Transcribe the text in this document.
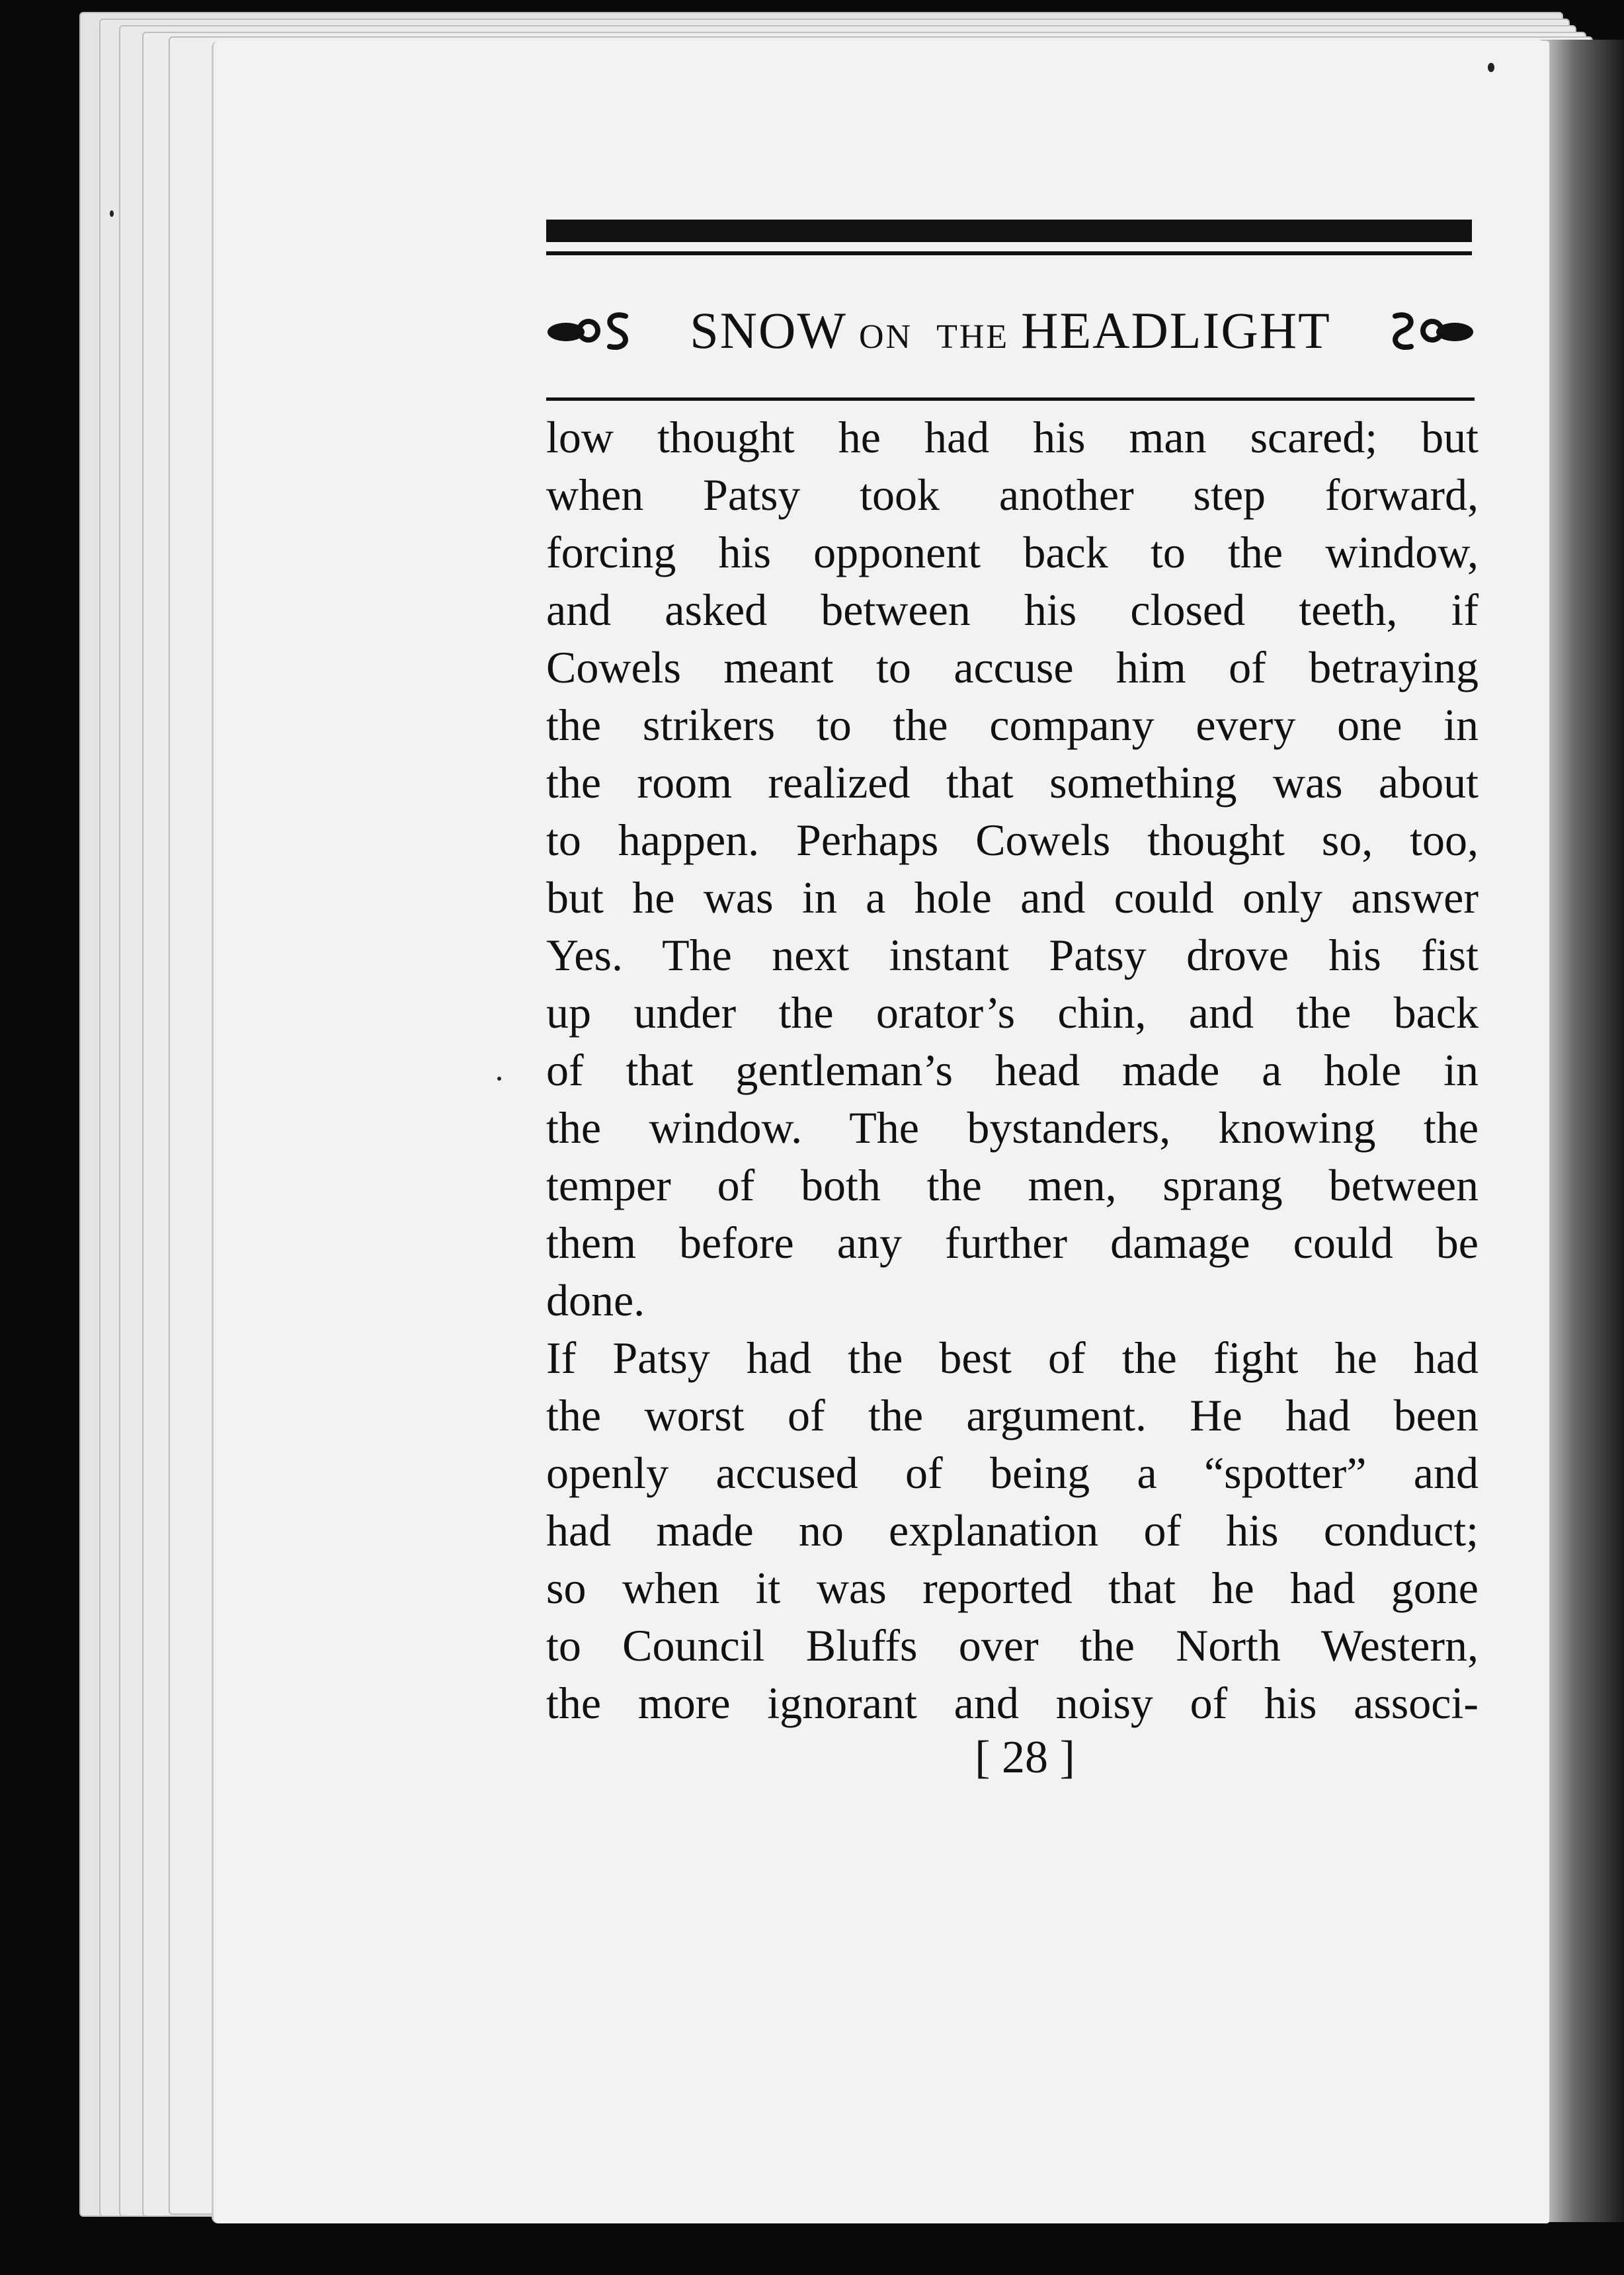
SNOW ON THE HEADLIGHT
low thought he had his man scared; but
when Patsy took another step forward,
forcing his opponent back to the window,
and asked between his closed teeth, if
Cowels meant to accuse him of betraying
the strikers to the company every one in
the room realized that something was about
to happen. Perhaps Cowels thought so, too,
but he was in a hole and could only answer
Yes. The next instant Patsy drove his fist
up under the orator’s chin, and the back
of that gentleman’s head made a hole in
the window. The bystanders, knowing the
temper of both the men, sprang between
them before any further damage could be
done.
If Patsy had the best of the fight he had
the worst of the argument. He had been
openly accused of being a “spotter” and
had made no explanation of his conduct;
so when it was reported that he had gone
to Council Bluffs over the North Western,
the more ignorant and noisy of his associ-
[ 28 ]
